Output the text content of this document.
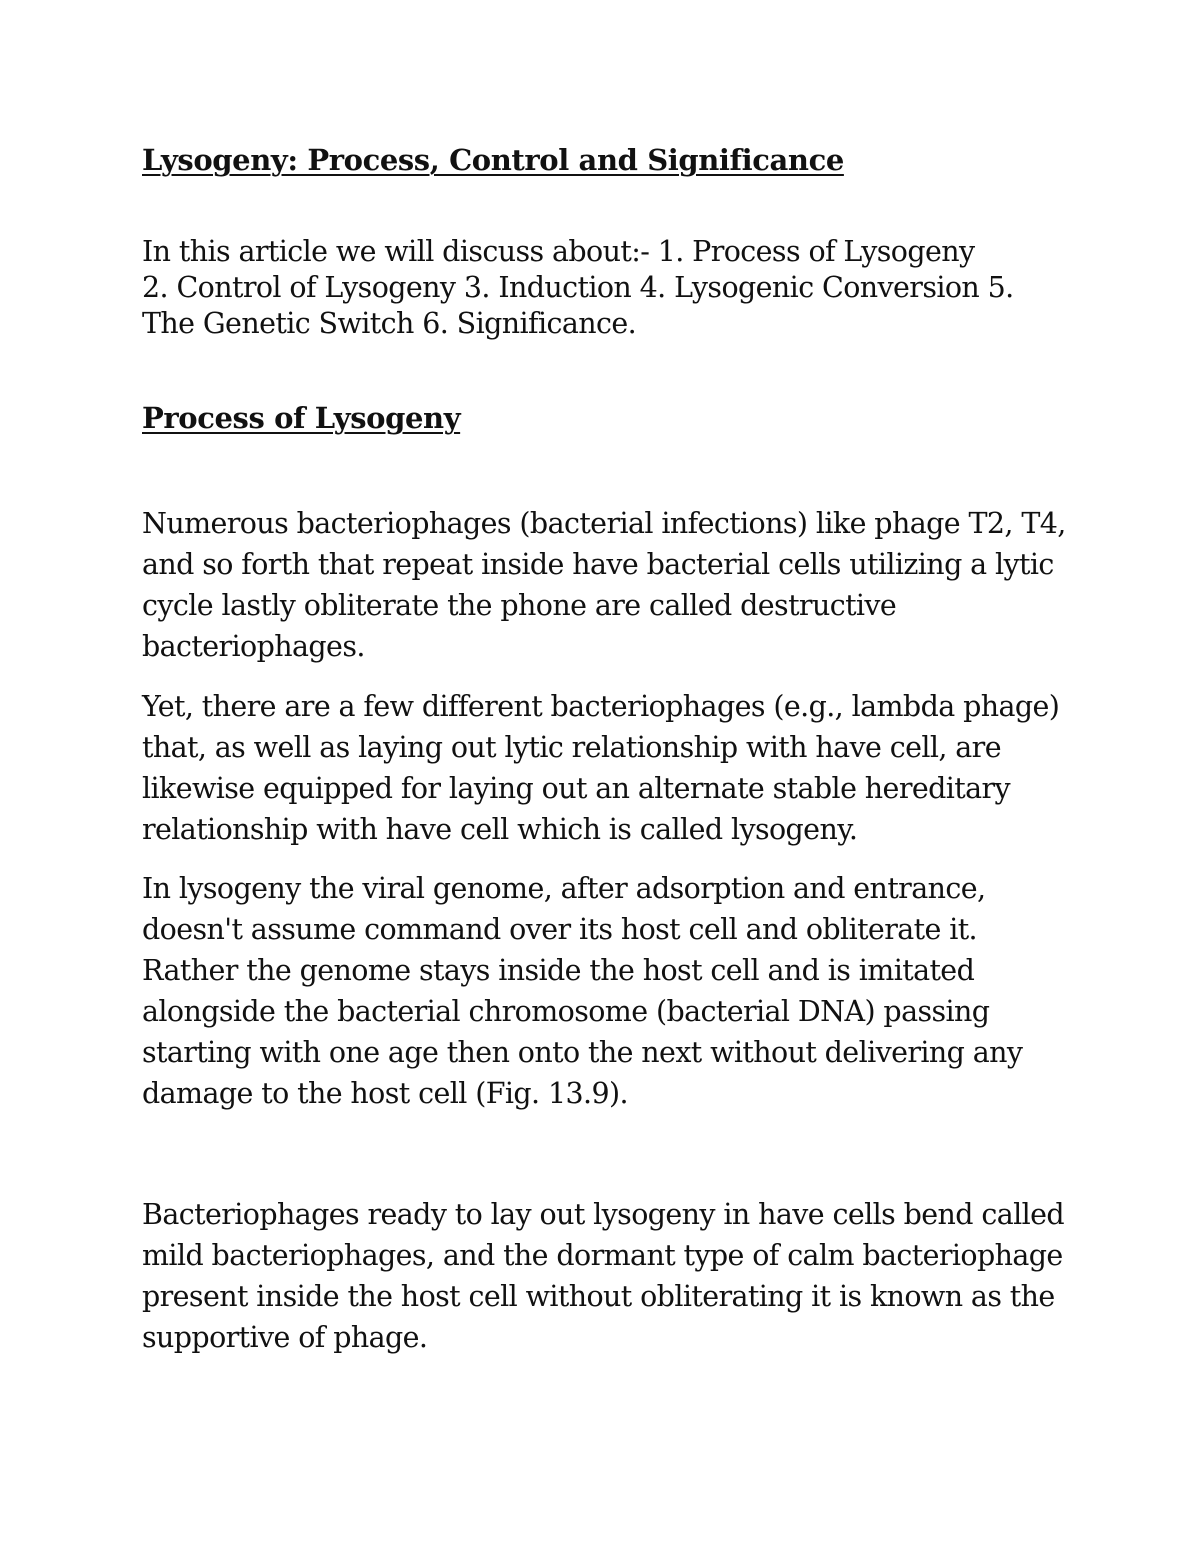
Lysogeny: Process, Control and Significance
In this article we will discuss about:- 1. Process of Lysogeny
2. Control of Lysogeny 3. Induction 4. Lysogenic Conversion 5.
The Genetic Switch 6. Significance.
Process of Lysogeny
Numerous bacteriophages (bacterial infections) like phage T2, T4,
and so forth that repeat inside have bacterial cells utilizing a lytic
cycle lastly obliterate the phone are called destructive
bacteriophages.
Yet, there are a few different bacteriophages (e.g., lambda phage)
that, as well as laying out lytic relationship with have cell, are
likewise equipped for laying out an alternate stable hereditary
relationship with have cell which is called lysogeny.
In lysogeny the viral genome, after adsorption and entrance,
doesn't assume command over its host cell and obliterate it.
Rather the genome stays inside the host cell and is imitated
alongside the bacterial chromosome (bacterial DNA) passing
starting with one age then onto the next without delivering any
damage to the host cell (Fig. 13.9).
Bacteriophages ready to lay out lysogeny in have cells bend called
mild bacteriophages, and the dormant type of calm bacteriophage
present inside the host cell without obliterating it is known as the
supportive of phage.
